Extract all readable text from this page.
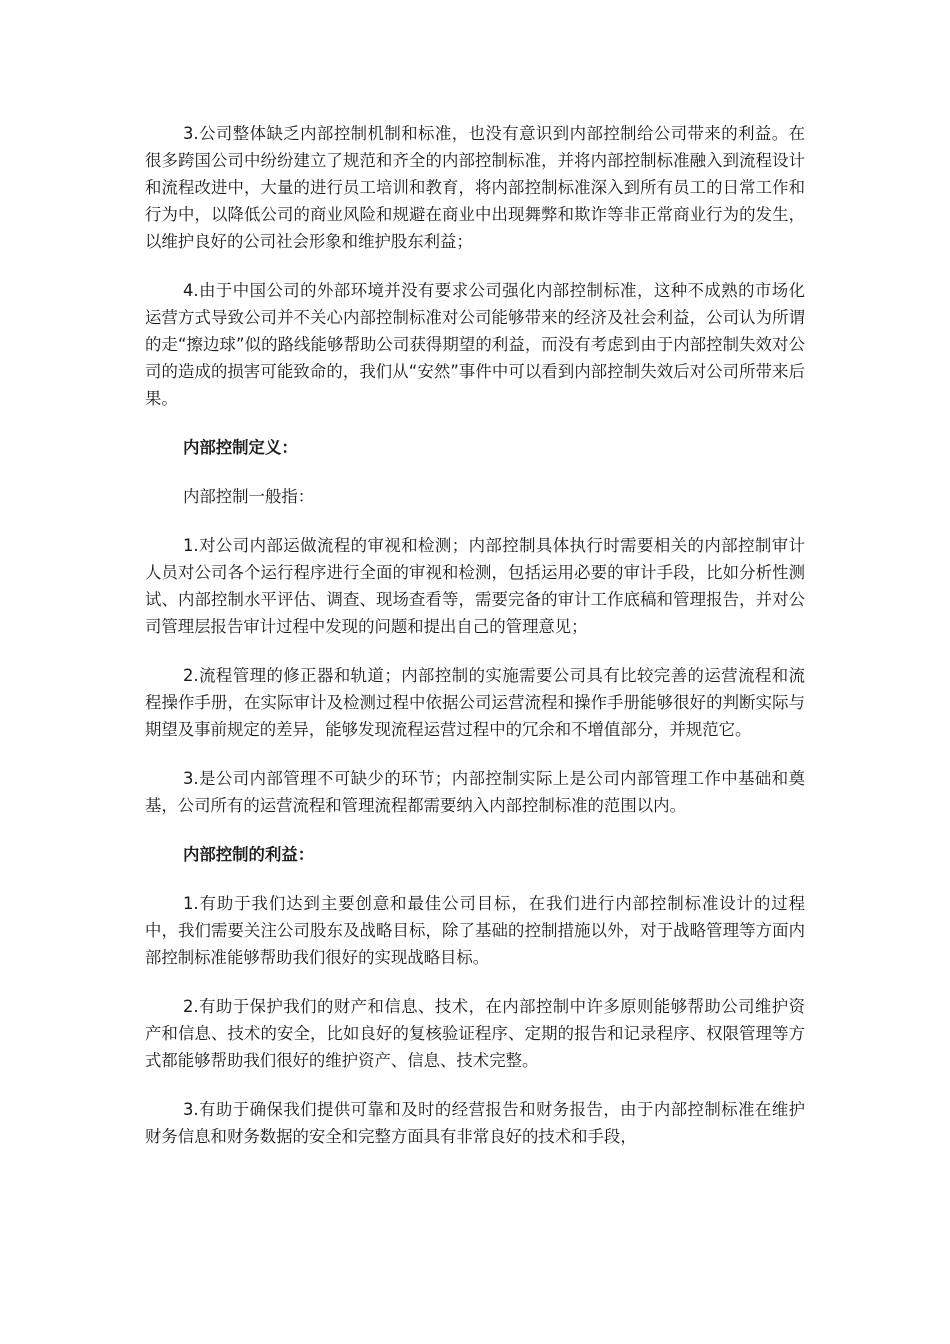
3.公司整体缺乏内部控制机制和标准，也没有意识到内部控制给公司带来的利益。在很多跨国公司中纷纷建立了规范和齐全的内部控制标准，并将内部控制标准融入到流程设计和流程改进中，大量的进行员工培训和教育，将内部控制标准深入到所有员工的日常工作和行为中，以降低公司的商业风险和规避在商业中出现舞弊和欺诈等非正常商业行为的发生，以维护良好的公司社会形象和维护股东利益；

4.由于中国公司的外部环境并没有要求公司强化内部控制标准，这种不成熟的市场化运营方式导致公司并不关心内部控制标准对公司能够带来的经济及社会利益，公司认为所谓的走“擦边球”似的路线能够帮助公司获得期望的利益，而没有考虑到由于内部控制失效对公司的造成的损害可能致命的，我们从“安然”事件中可以看到内部控制失效后对公司所带来后果。

内部控制定义：

内部控制一般指：

1.对公司内部运做流程的审视和检测；内部控制具体执行时需要相关的内部控制审计人员对公司各个运行程序进行全面的审视和检测，包括运用必要的审计手段，比如分析性测试、内部控制水平评估、调查、现场查看等，需要完备的审计工作底稿和管理报告，并对公司管理层报告审计过程中发现的问题和提出自己的管理意见；

2.流程管理的修正器和轨道；内部控制的实施需要公司具有比较完善的运营流程和流程操作手册，在实际审计及检测过程中依据公司运营流程和操作手册能够很好的判断实际与期望及事前规定的差异，能够发现流程运营过程中的冗余和不增值部分，并规范它。

3.是公司内部管理不可缺少的环节；内部控制实际上是公司内部管理工作中基础和奠基，公司所有的运营流程和管理流程都需要纳入内部控制标准的范围以内。

内部控制的利益：

1.有助于我们达到主要创意和最佳公司目标，在我们进行内部控制标准设计的过程中，我们需要关注公司股东及战略目标，除了基础的控制措施以外，对于战略管理等方面内部控制标准能够帮助我们很好的实现战略目标。

2.有助于保护我们的财产和信息、技术，在内部控制中许多原则能够帮助公司维护资产和信息、技术的安全，比如良好的复核验证程序、定期的报告和记录程序、权限管理等方式都能够帮助我们很好的维护资产、信息、技术完整。

3.有助于确保我们提供可靠和及时的经营报告和财务报告，由于内部控制标准在维护财务信息和财务数据的安全和完整方面具有非常良好的技术和手段，
